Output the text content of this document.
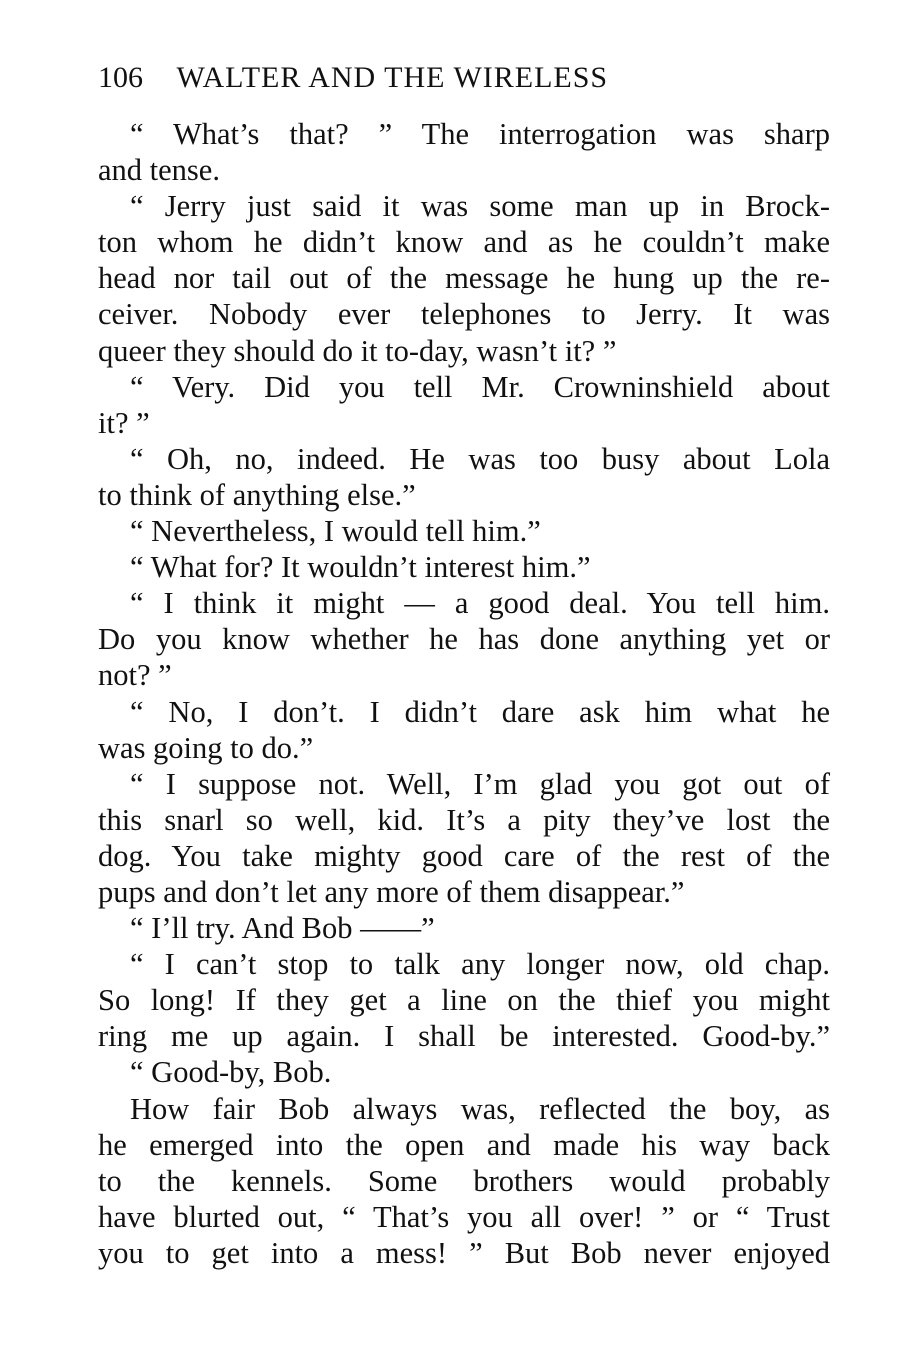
106 WALTER AND THE WIRELESS
“ What’s that? ” The interrogation was sharp
and tense.
“ Jerry just said it was some man up in Brock-
ton whom he didn’t know and as he couldn’t make
head nor tail out of the message he hung up the re-
ceiver. Nobody ever telephones to Jerry. It was
queer they should do it to-day, wasn’t it? ”
“ Very. Did you tell Mr. Crowninshield about
it? ”
“ Oh, no, indeed. He was too busy about Lola
to think of anything else.”
“ Nevertheless, I would tell him.”
“ What for? It wouldn’t interest him.”
“ I think it might — a good deal. You tell him.
Do you know whether he has done anything yet or
not? ”
“ No, I don’t. I didn’t dare ask him what he
was going to do.”
“ I suppose not. Well, I’m glad you got out of
this snarl so well, kid. It’s a pity they’ve lost the
dog. You take mighty good care of the rest of the
pups and don’t let any more of them disappear.”
“ I’ll try. And Bob ——”
“ I can’t stop to talk any longer now, old chap.
So long! If they get a line on the thief you might
ring me up again. I shall be interested. Good-by.”
“ Good-by, Bob.
How fair Bob always was, reflected the boy, as
he emerged into the open and made his way back
to the kennels. Some brothers would probably
have blurted out, “ That’s you all over! ” or “ Trust
you to get into a mess! ” But Bob never enjoyed
